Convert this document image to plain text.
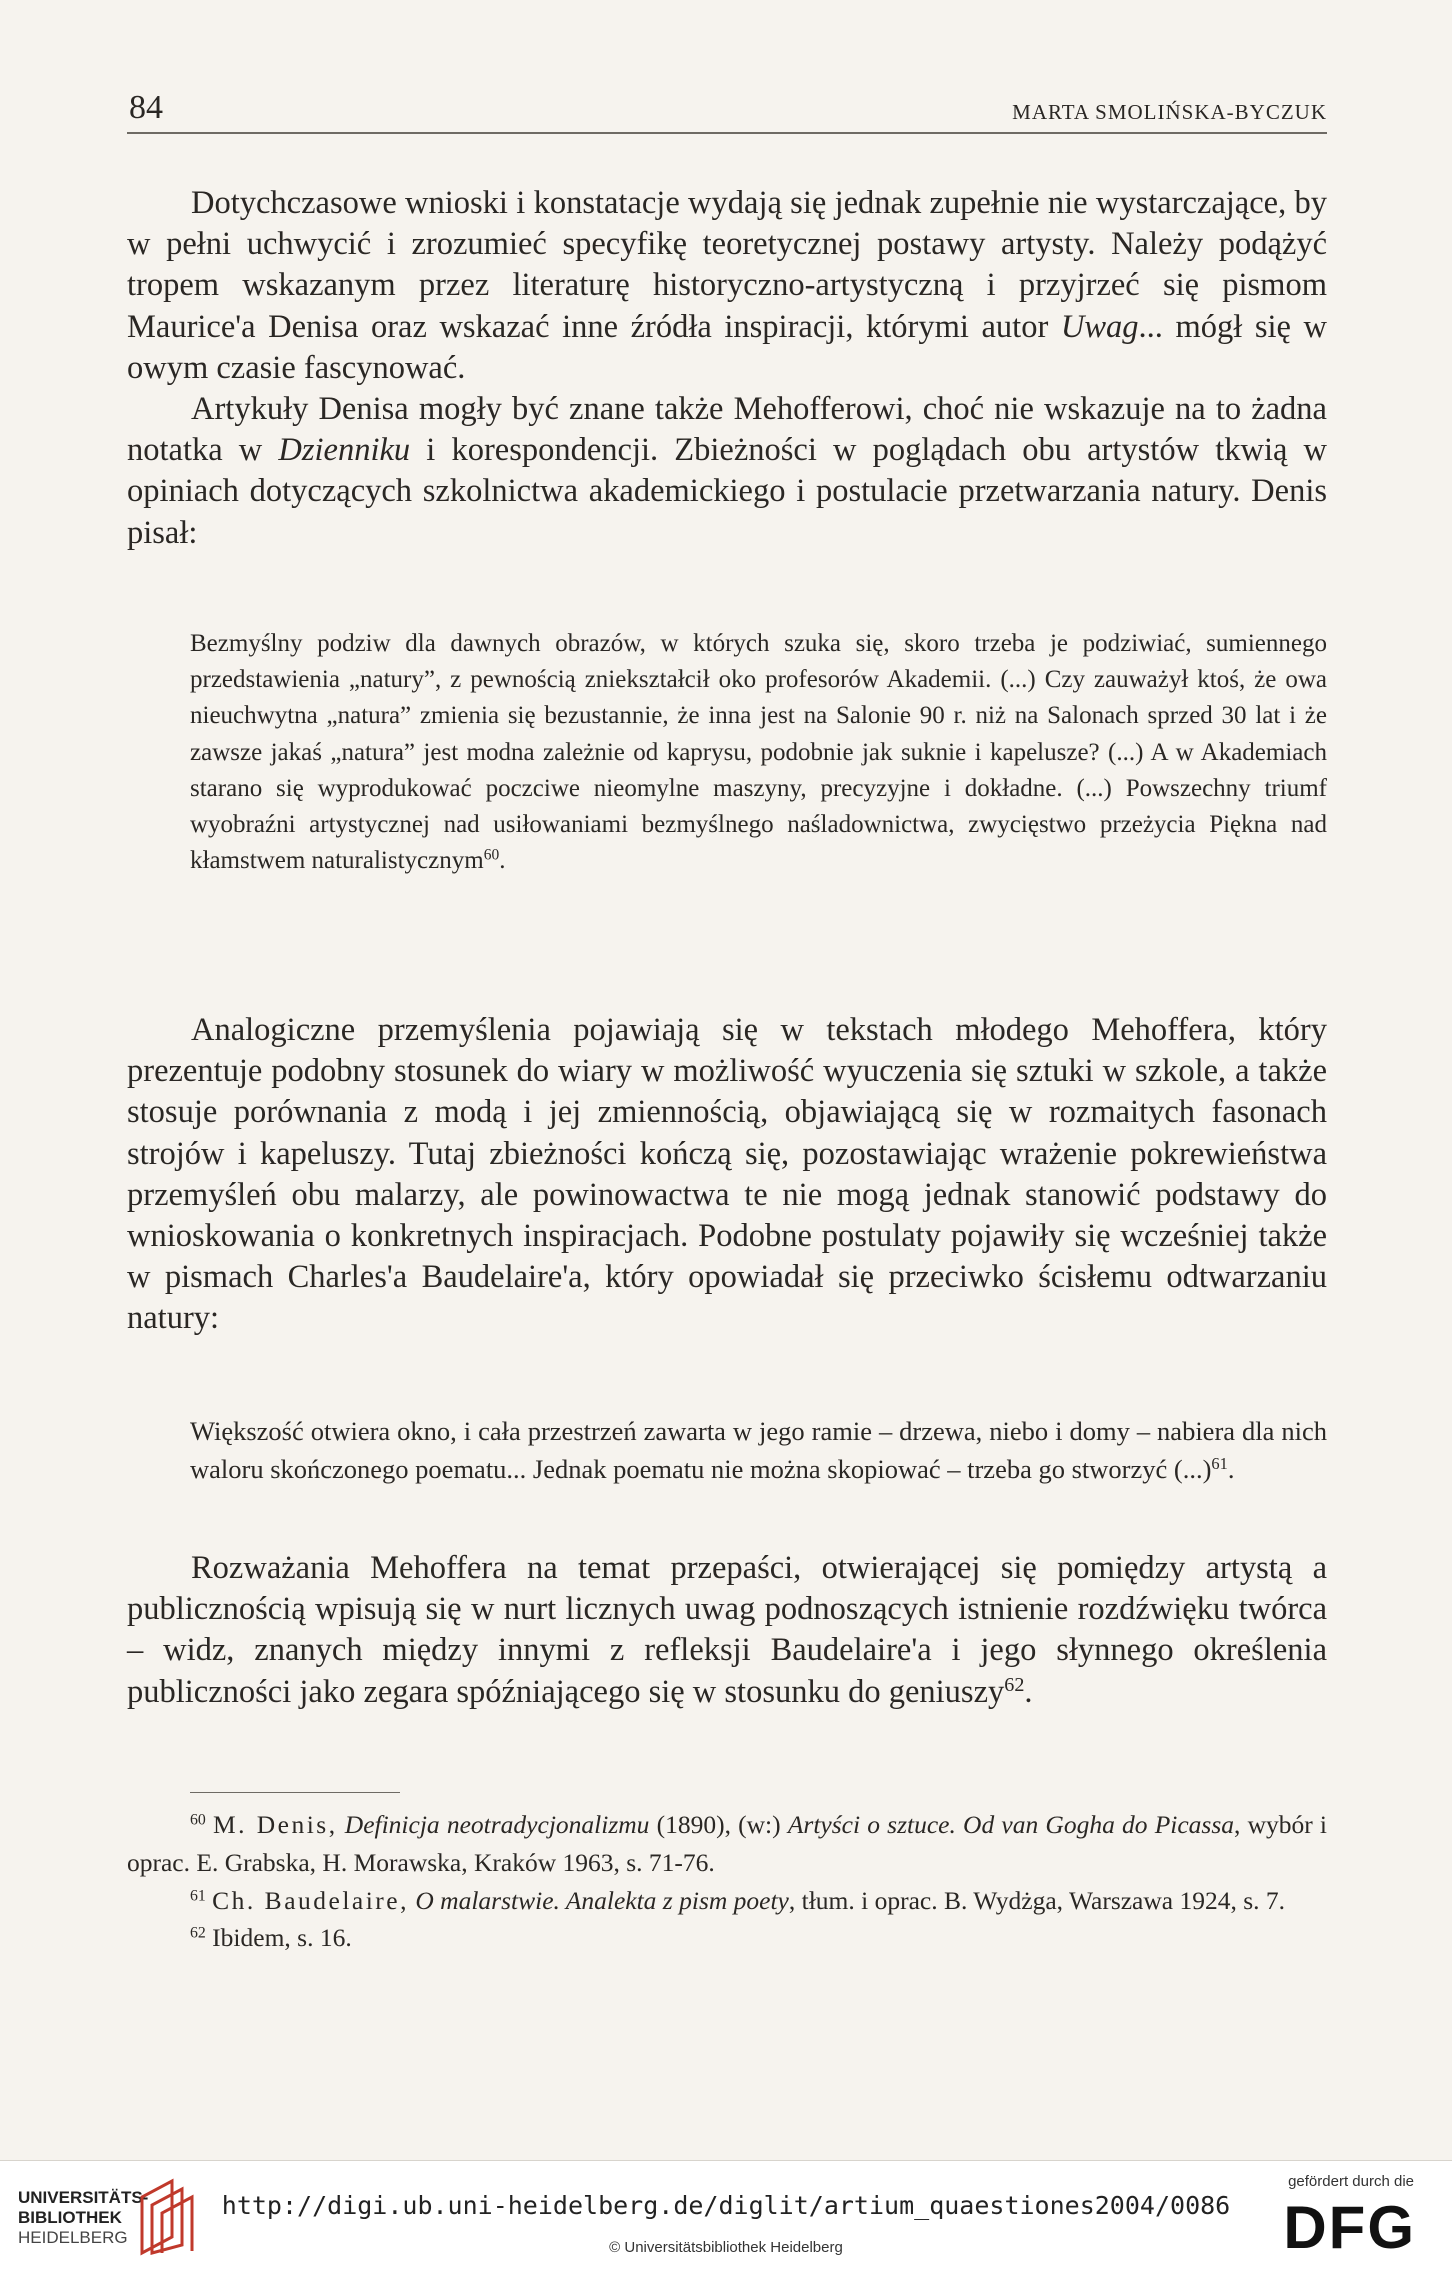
84	MARTA SMOLIŃSKA-BYCZUK

Dotychczasowe wnioski i konstatacje wydają się jednak zupełnie nie wystarczające, by w pełni uchwycić i zrozumieć specyfikę teoretycznej postawy artysty. Należy podążyć tropem wskazanym przez literaturę historyczno-artystyczną i przyjrzeć się pismom Maurice'a Denisa oraz wskazać inne źródła inspiracji, którymi autor Uwag... mógł się w owym czasie fascynować.

Artykuły Denisa mogły być znane także Mehofferowi, choć nie wskazuje na to żadna notatka w Dzienniku i korespondencji. Zbieżności w poglądach obu artystów tkwią w opiniach dotyczących szkolnictwa akademickiego i postulacie przetwarzania natury. Denis pisał:

Bezmyślny podziw dla dawnych obrazów, w których szuka się, skoro trzeba je podziwiać, sumiennego przedstawienia „natury”, z pewnością zniekształcił oko profesorów Akademii. (...) Czy zauważył ktoś, że owa nieuchwytna „natura” zmienia się bezustannie, że inna jest na Salonie 90 r. niż na Salonach sprzed 30 lat i że zawsze jakaś „natura” jest modna zależnie od kaprysu, podobnie jak suknie i kapelusze? (...) A w Akademiach starano się wyprodukować poczciwe nieomylne maszyny, precyzyjne i dokładne. (...) Powszechny triumf wyobraźni artystycznej nad usiłowaniami bezmyślnego naśladownictwa, zwycięstwo przeżycia Piękna nad kłamstwem naturalistycznym$^{60}$.

Analogiczne przemyślenia pojawiają się w tekstach młodego Mehoffera, który prezentuje podobny stosunek do wiary w możliwość wyuczenia się sztuki w szkole, a także stosuje porównania z modą i jej zmiennością, objawiającą się w rozmaitych fasonach strojów i kapeluszy. Tutaj zbieżności kończą się, pozostawiając wrażenie pokrewieństwa przemyśleń obu malarzy, ale powinowactwa te nie mogą jednak stanowić podstawy do wnioskowania o konkretnych inspiracjach. Podobne postulaty pojawiły się wcześniej także w pismach Charles'a Baudelaire'a, który opowiadał się przeciwko ścisłemu odtwarzaniu natury:

Większość otwiera okno, i cała przestrzeń zawarta w jego ramie – drzewa, niebo i domy – nabiera dla nich waloru skończonego poematu... Jednak poematu nie można skopiować – trzeba go stworzyć (...)$^{61}$.

Rozważania Mehoffera na temat przepaści, otwierającej się pomiędzy artystą a publicznością wpisują się w nurt licznych uwag podnoszących istnienie rozdźwięku twórca – widz, znanych między innymi z refleksji Baudelaire'a i jego słynnego określenia publiczności jako zegara spóźniającego się w stosunku do geniuszy$^{62}$.

$^{60}$ M. Denis, Definicja neotradycjonalizmu (1890), (w:) Artyści o sztuce. Od van Gogha do Picassa, wybór i oprac. E. Grabska, H. Morawska, Kraków 1963, s. 71-76.

$^{61}$ Ch. Baudelaire, O malarstwie. Analekta z pism poety, tłum. i oprac. B. Wydżga, Warszawa 1924, s. 7.

$^{62}$ Ibidem, s. 16.

UNIVERSITÄTS-
BIBLIOTHEK
HEIDELBERG
http://digi.ub.uni-heidelberg.de/diglit/artium_quaestiones2004/0086
© Universitätsbibliothek Heidelberg
gefördert durch die
DFG
